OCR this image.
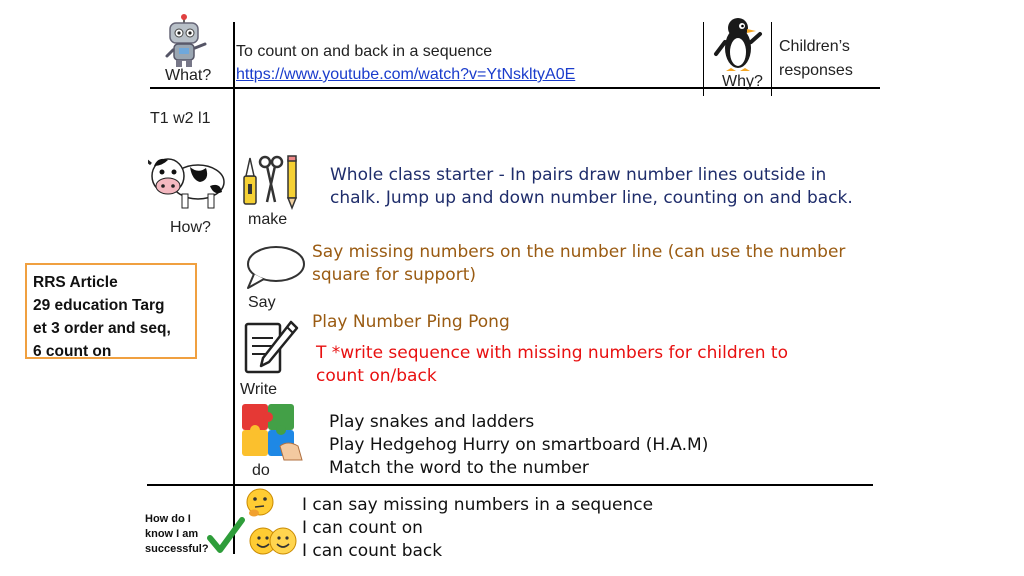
What?
To count on and back in a sequence
https://www.youtube.com/watch?v=YtNskltyA0E	Why?
Children’s
responses
T1 w2 l1
How?
RRS Article
29 education Targ
et 3 order and seq,
6 count on
make
Whole class starter - In pairs draw number lines outside in
chalk. Jump up and down number line, counting on and back.
Say
Say missing numbers on the number line (can use the number
square for support)
Play Number Ping Pong
Write
T *write sequence with missing numbers for children to
count on/back
do
Play snakes and ladders
Play Hedgehog Hurry on smartboard (H.A.M)
Match the word to the number
How do I
know I am
successful?
I can say missing numbers in a sequence
I can count on
I can count back
